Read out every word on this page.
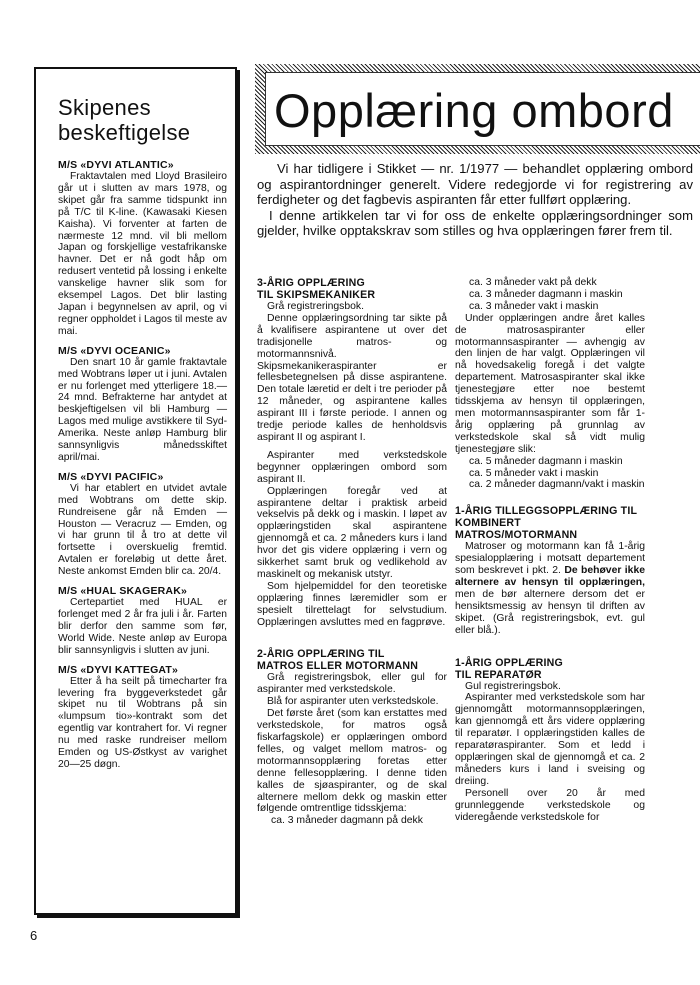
Skipenes
beskeftigelse

M/S «DYVI ATLANTIC»

Fraktavtalen med Lloyd Brasileiro går ut i slutten av mars 1978, og skipet går fra samme tidspunkt inn på T/C til K-line. (Kawasaki Kiesen Kaisha). Vi forventer at farten de nærmeste 12 mnd. vil bli mellom Japan og forskjellige vestafrikanske havner. Det er nå godt håp om redusert ventetid på lossing i enkelte vanskelige havner slik som for eksempel Lagos. Det blir lasting Japan i begynnelsen av april, og vi regner oppholdet i Lagos til meste av mai.

M/S «DYVI OCEANIC»

Den snart 10 år gamle fraktavtale med Wobtrans løper ut i juni. Avtalen er nu forlenget med ytterligere 18.—24 mnd. Befrakterne har antydet at beskjeftigelsen vil bli Hamburg — Lagos med mulige avstikkere til Syd-Amerika. Neste anløp Hamburg blir sannsynligvis månedsskiftet april/mai.

M/S «DYVI PACIFIC»

Vi har etablert en utvidet avtale med Wobtrans om dette skip. Rundreisene går nå Emden — Houston — Veracruz — Emden, og vi har grunn til å tro at dette vil fortsette i overskuelig fremtid. Avtalen er foreløbig ut dette året. Neste ankomst Emden blir ca. 20/4.

M/S «HUAL SKAGERAK»

Certepartiet med HUAL er forlenget med 2 år fra juli i år. Farten blir derfor den samme som før, World Wide. Neste anløp av Europa blir sannsynligvis i slutten av juni.

M/S «DYVI KATTEGAT»

Etter å ha seilt på timecharter fra levering fra byggeverkstedet går skipet nu til Wobtrans på sin «lumpsum tio»-kontrakt som det egentlig var kontrahert for. Vi regner nu med raske rundreiser mellom Emden og US-Østkyst av varighet 20—25 døgn.

Opplæring ombord

Vi har tidligere i Stikket — nr. 1/1977 — behandlet opplæring ombord og aspirantordninger generelt. Videre redegjorde vi for registrering av ferdigheter og det fagbevis aspiranten får etter fullført opplæring.

I denne artikkelen tar vi for oss de enkelte opplæringsordninger som gjelder, hvilke opptakskrav som stilles og hva opplæringen fører frem til.

3-ÅRIG OPPLÆRING

TIL SKIPSMEKANIKER

Grå registreringsbok.

Denne opplæringsordning tar sikte på å kvalifisere aspirantene ut over det tradisjonelle matros- og motormannsnivå. Skipsmekanikeraspiranter er fellesbetegnelsen på disse aspirantene. Den totale læretid er delt i tre perioder på 12 måneder, og aspirantene kalles aspirant III i første periode. I annen og tredje periode kalles de henholdsvis aspirant II og aspirant I.

Aspiranter med verkstedskole begynner opplæringen ombord som aspirant II.

Opplæringen foregår ved at aspirantene deltar i praktisk arbeid vekselvis på dekk og i maskin. I løpet av opplæringstiden skal aspirantene gjennomgå et ca. 2 måneders kurs i land hvor det gis videre opplæring i vern og sikkerhet samt bruk og vedlikehold av maskinelt og mekanisk utstyr.

Som hjelpemiddel for den teoretiske opplæring finnes læremidler som er spesielt tilrettelagt for selvstudium. Opplæringen avsluttes med en fagprøve.

2-ÅRIG OPPLÆRING TIL

MATROS ELLER MOTORMANN

Grå registreringsbok, eller gul for aspiranter med verkstedskole.

Blå for aspiranter uten verkstedskole.

Det første året (som kan erstattes med verkstedskole, for matros også fiskarfagskole) er opplæringen ombord felles, og valget mellom matros- og motormannsopplæring foretas etter denne fellesopplæring. I denne tiden kalles de sjøaspiranter, og de skal alternere mellom dekk og maskin etter følgende omtrentlige tidsskjema:

ca. 3 måneder dagmann på dekk

ca. 3 måneder vakt på dekk

ca. 3 måneder dagmann i maskin

ca. 3 måneder vakt i maskin

Under opplæringen andre året kalles de matrosaspiranter eller motormannsaspiranter — avhengig av den linjen de har valgt. Opplæringen vil nå hovedsakelig foregå i det valgte departement. Matrosaspiranter skal ikke tjenestegjøre etter noe bestemt tidsskjema av hensyn til opplæringen, men motormannsaspiranter som får 1-årig opplæring på grunnlag av verkstedskole skal så vidt mulig tjenestegjøre slik:

ca. 5 måneder dagmann i maskin

ca. 5 måneder vakt i maskin

ca. 2 måneder dagmann/vakt i maskin

1-ÅRIG TILLEGGSOPPLÆRING TIL

KOMBINERT MATROS/MOTORMANN

Matroser og motormann kan få 1-årig spesialopplæring i motsatt departement som beskrevet i pkt. 2. De behøver ikke alternere av hensyn til opplæringen, men de bør alternere dersom det er hensiktsmessig av hensyn til driften av skipet. (Grå registreringsbok, evt. gul eller blå.).

1-ÅRIG OPPLÆRING

TIL REPARATØR

Gul registreringsbok.

Aspiranter med verkstedskole som har gjennomgått motormannsopplæringen, kan gjennomgå ett års videre opplæring til reparatør. I opplæringstiden kalles de reparatøraspiranter. Som et ledd i opplæringen skal de gjennomgå et ca. 2 måneders kurs i land i sveising og dreiing.

Personell over 20 år med grunnleggende verkstedskole og videregående verkstedskole for

6
